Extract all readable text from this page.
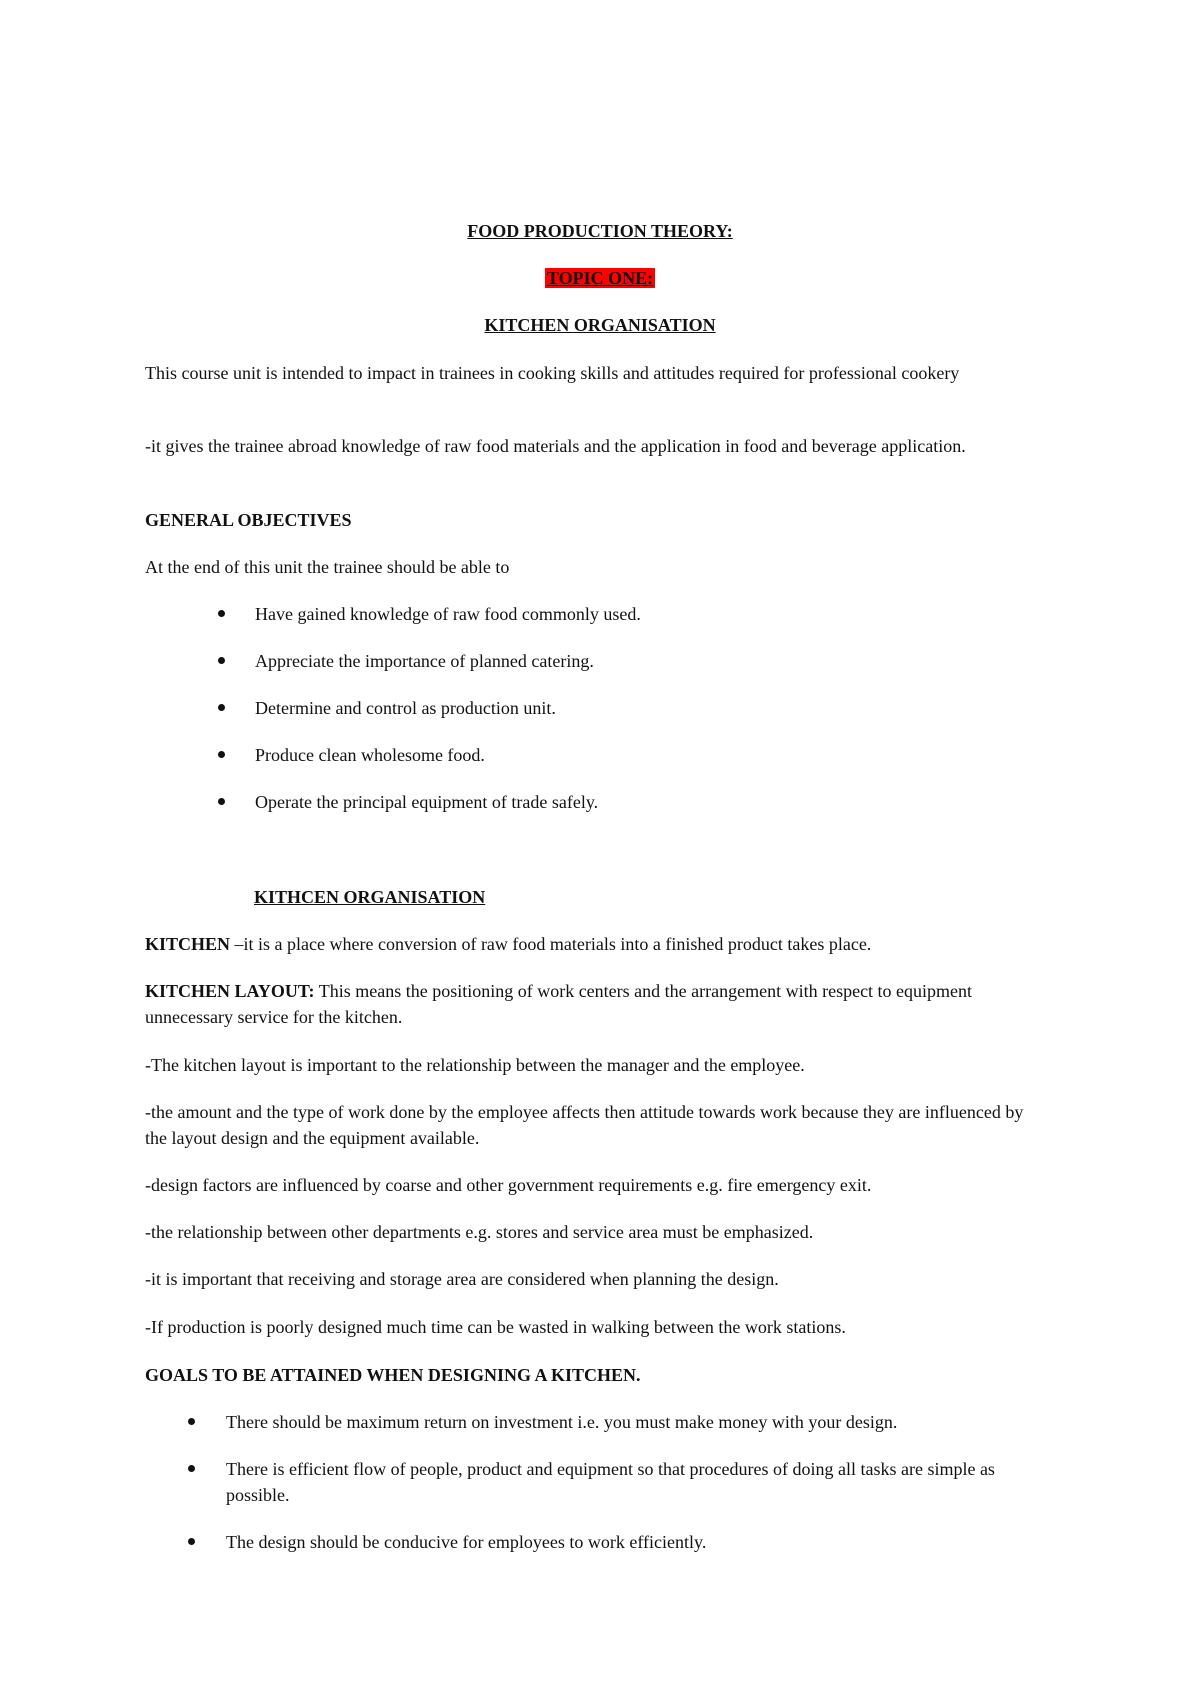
FOOD PRODUCTION THEORY:
TOPIC ONE:
KITCHEN ORGANISATION
This course unit is intended to impact in trainees in cooking skills and attitudes required for professional cookery
-it gives the trainee abroad knowledge of raw food materials and the application in food and beverage application.
GENERAL OBJECTIVES
At the end of this unit the trainee should be able to
Have gained knowledge of raw food commonly used.
Appreciate the importance of planned catering.
Determine and control as production unit.
Produce clean wholesome food.
Operate the principal equipment of trade safely.
KITHCEN ORGANISATION
KITCHEN –it is a place where conversion of raw food materials into a finished product takes place.
KITCHEN LAYOUT: This means the positioning of work centers and the arrangement with respect to equipment unnecessary service for the kitchen.
-The kitchen layout is important to the relationship between the manager and the employee.
-the amount and the type of work done by the employee affects then attitude towards work because they are influenced by the layout design and the equipment available.
-design factors are influenced by coarse and other government requirements e.g. fire emergency exit.
-the relationship between other departments e.g. stores and service area must be emphasized.
-it is important that receiving and storage area are considered when planning the design.
-If production is poorly designed much time can be wasted in walking between the work stations.
GOALS TO BE ATTAINED WHEN DESIGNING A KITCHEN.
There should be maximum return on investment i.e. you must make money with your design.
There is efficient flow of people, product and equipment so that procedures of doing all tasks are simple as possible.
The design should be conducive for employees to work efficiently.
